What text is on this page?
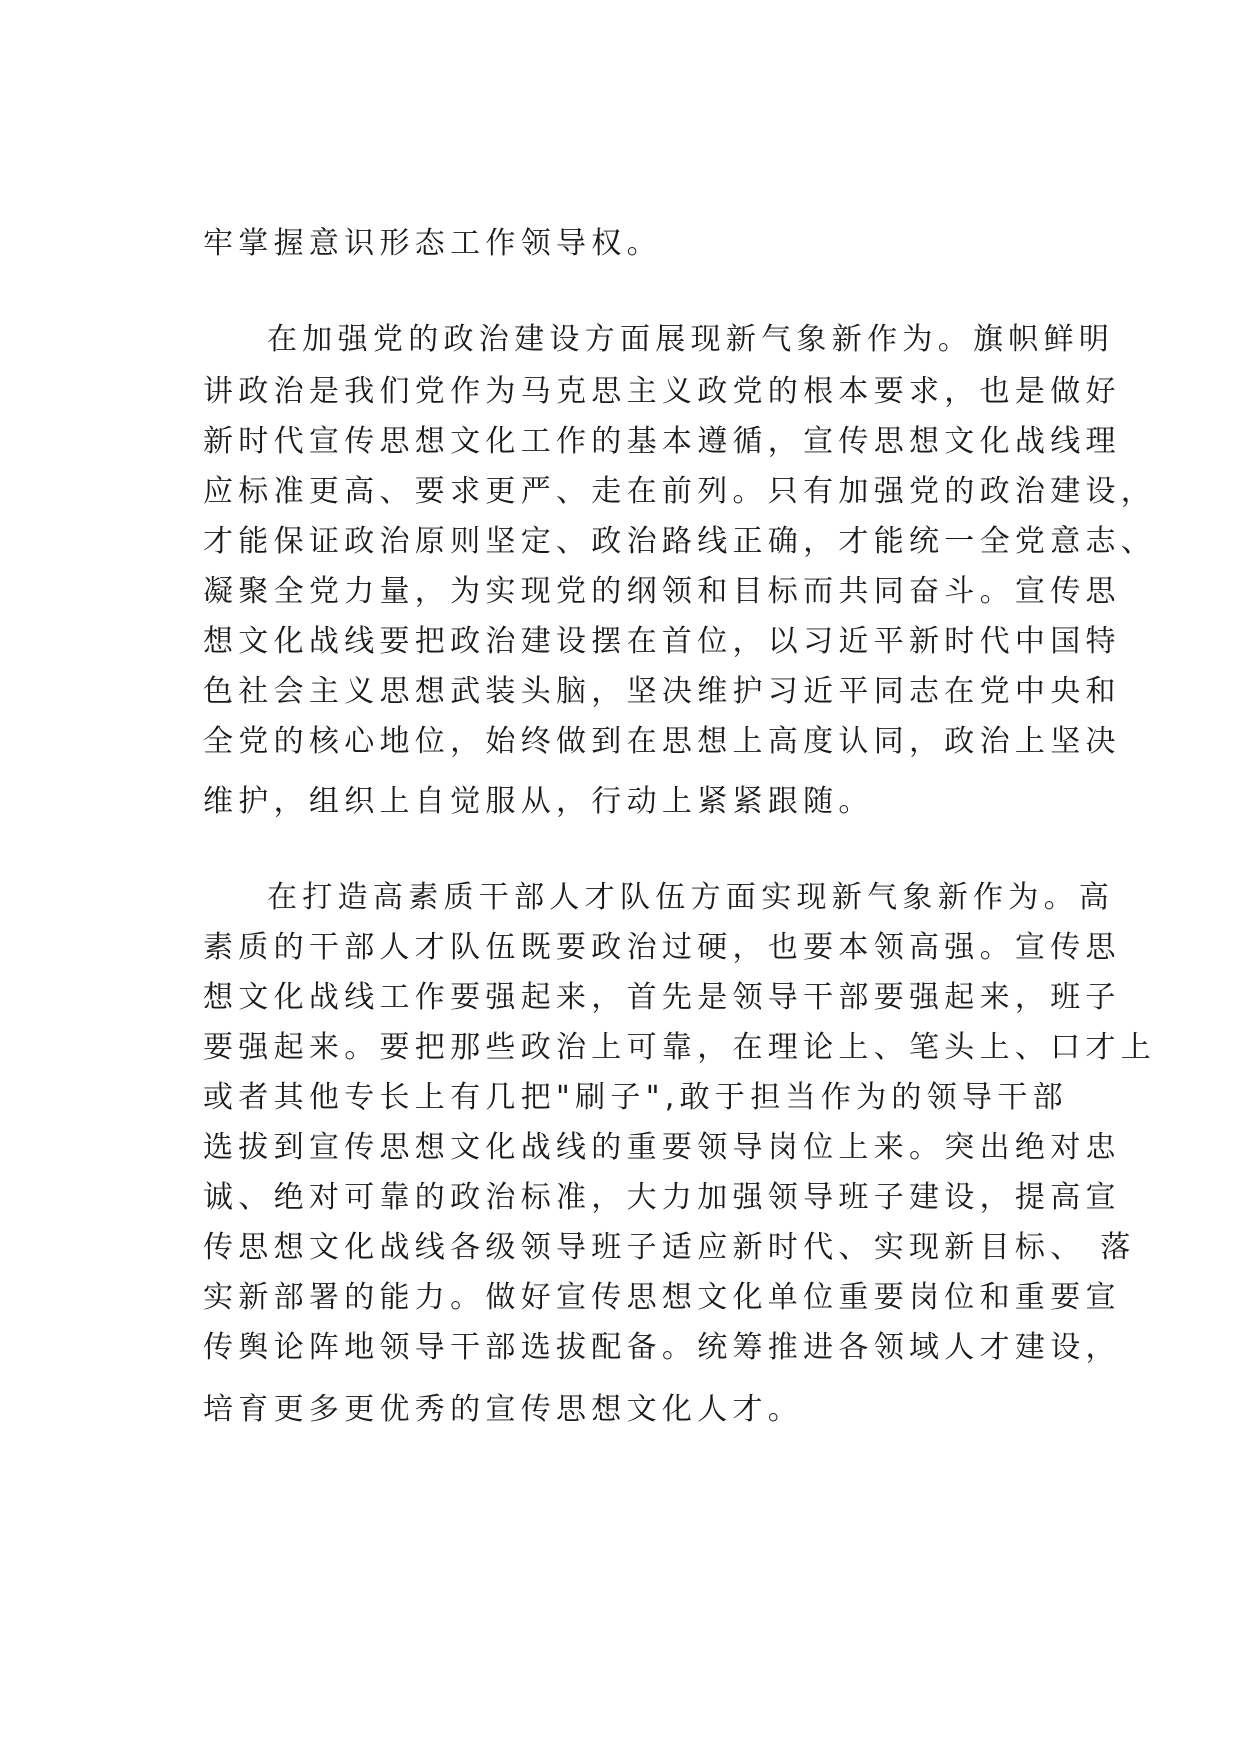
牢掌握意识形态工作领导权。
在加强党的政治建设方面展现新气象新作为。旗帜鲜明
讲政治是我们党作为马克思主义政党的根本要求，也是做好
新时代宣传思想文化工作的基本遵循，宣传思想文化战线理
应标准更高、要求更严、走在前列。只有加强党的政治建设，
才能保证政治原则坚定、政治路线正确，才能统一全党意志、
凝聚全党力量，为实现党的纲领和目标而共同奋斗。宣传思
想文化战线要把政治建设摆在首位，以习近平新时代中国特
色社会主义思想武装头脑，坚决维护习近平同志在党中央和
全党的核心地位，始终做到在思想上高度认同，政治上坚决
维护，组织上自觉服从，行动上紧紧跟随。
在打造高素质干部人才队伍方面实现新气象新作为。高
素质的干部人才队伍既要政治过硬，也要本领高强。宣传思
想文化战线工作要强起来，首先是领导干部要强起来，班子
要强起来。要把那些政治上可靠，在理论上、笔头上、口才上
或者其他专长上有几把"刷子",敢于担当作为的领导干部
选拔到宣传思想文化战线的重要领导岗位上来。突出绝对忠
诚、绝对可靠的政治标准，大力加强领导班子建设，提高宣
传思想文化战线各级领导班子适应新时代、实现新目标、 落
实新部署的能力。做好宣传思想文化单位重要岗位和重要宣
传舆论阵地领导干部选拔配备。统筹推进各领域人才建设，
培育更多更优秀的宣传思想文化人才。
